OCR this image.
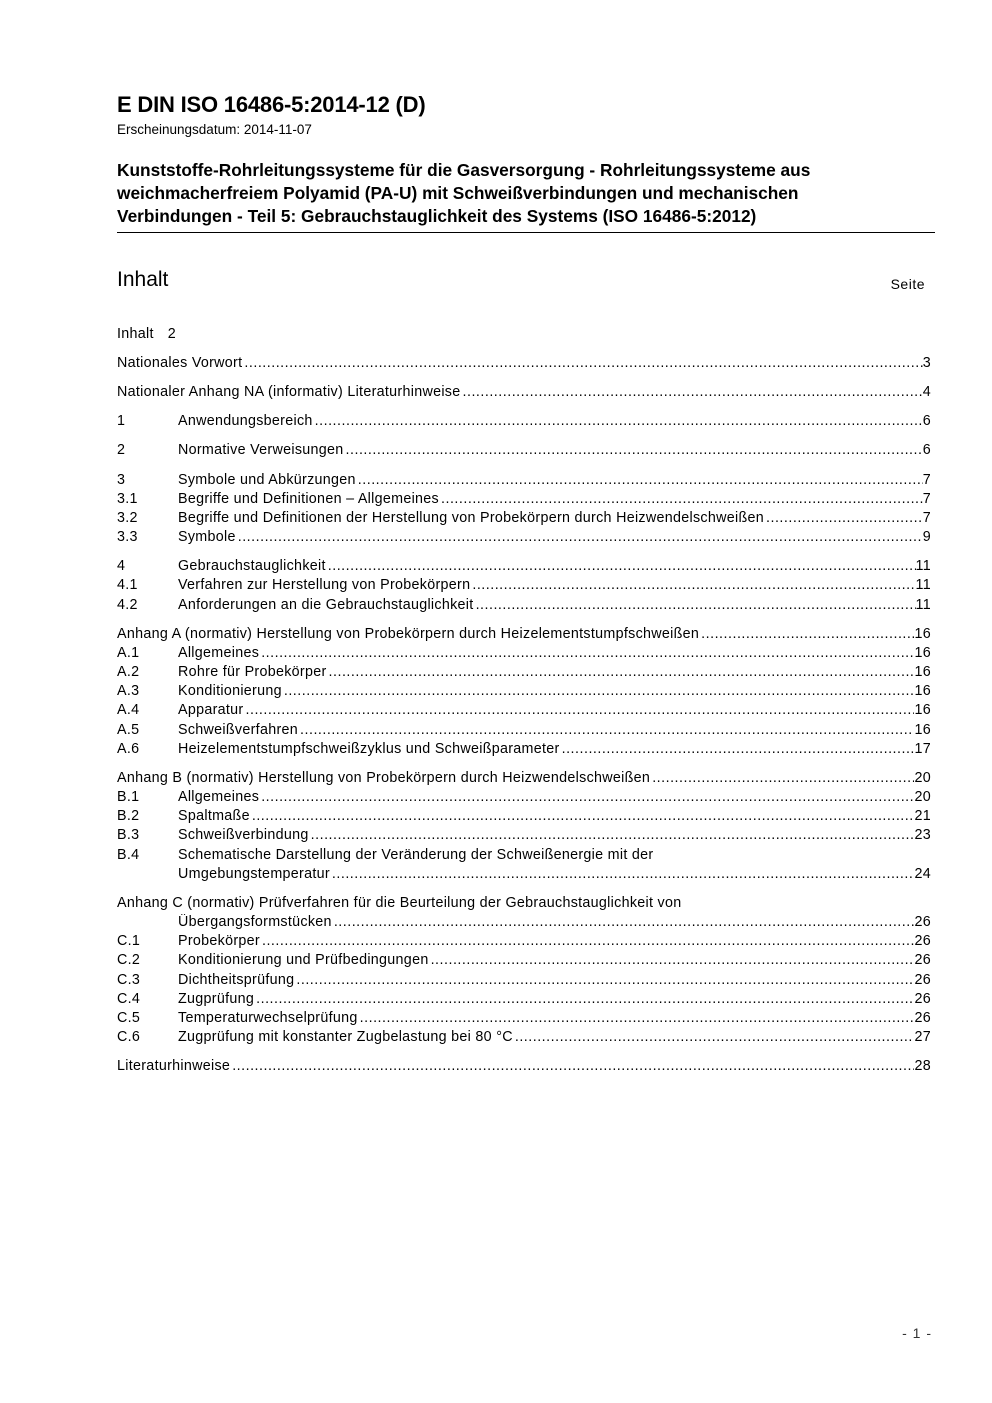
E DIN ISO 16486-5:2014-12 (D)
Erscheinungsdatum: 2014-11-07
Kunststoffe-Rohrleitungssysteme für die Gasversorgung - Rohrleitungssysteme aus
weichmacherfreiem Polyamid (PA-U) mit Schweißverbindungen und mechanischen
Verbindungen - Teil 5: Gebrauchstauglichkeit des Systems (ISO 16486-5:2012)
Inhalt	Seite
Inhalt 2
Nationales Vorwort .....	3
Nationaler Anhang NA (informativ) Literaturhinweise .....	4
1	Anwendungsbereich .....	6
2	Normative Verweisungen .....	6
3	Symbole und Abkürzungen .....	7
3.1	Begriffe und Definitionen – Allgemeines .....	7
3.2	Begriffe und Definitionen der Herstellung von Probekörpern durch Heizwendelschweißen .....	7
3.3	Symbole .....	9
4	Gebrauchstauglichkeit .....	11
4.1	Verfahren zur Herstellung von Probekörpern .....	11
4.2	Anforderungen an die Gebrauchstauglichkeit .....	11
Anhang A (normativ) Herstellung von Probekörpern durch Heizelementstumpfschweißen .....	16
A.1	Allgemeines .....	16
A.2	Rohre für Probekörper .....	16
A.3	Konditionierung .....	16
A.4	Apparatur .....	16
A.5	Schweißverfahren .....	16
A.6	Heizelementstumpfschweißzyklus und Schweißparameter .....	17
Anhang B (normativ) Herstellung von Probekörpern durch Heizwendelschweißen .....	20
B.1	Allgemeines .....	20
B.2	Spaltmaße .....	21
B.3	Schweißverbindung .....	23
B.4	Schematische Darstellung der Veränderung der Schweißenergie mit der
Umgebungstemperatur .....	24
Anhang C (normativ) Prüfverfahren für die Beurteilung der Gebrauchstauglichkeit von
Übergangsformstücken .....	26
C.1	Probekörper .....	26
C.2	Konditionierung und Prüfbedingungen .....	26
C.3	Dichtheitsprüfung .....	26
C.4	Zugprüfung .....	26
C.5	Temperaturwechselprüfung .....	26
C.6	Zugprüfung mit konstanter Zugbelastung bei 80 °C .....	27
Literaturhinweise .....	28
- 1 -
